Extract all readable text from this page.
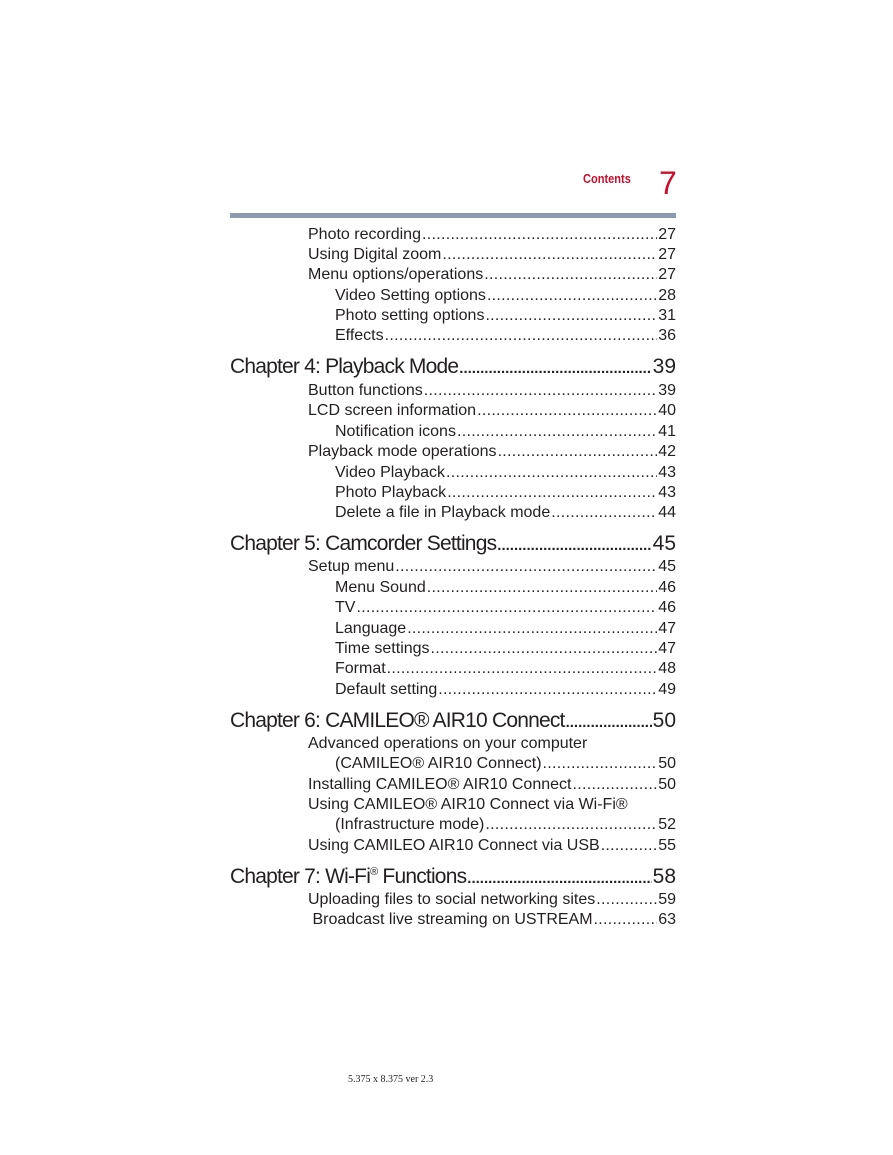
Contents 7
Photo recording .....	27
Using Digital zoom .....	27
Menu options/operations .....	27
Video Setting options .....	28
Photo setting options .....	31
Effects .....	36
Chapter 4: Playback Mode .....	39
Button functions .....	39
LCD screen information .....	40
Notification icons .....	41
Playback mode operations .....	42
Video Playback .....	43
Photo Playback .....	43
Delete a file in Playback mode .....	44
Chapter 5: Camcorder Settings .....	45
Setup menu .....	45
Menu Sound .....	46
TV .....	46
Language .....	47
Time settings .....	47
Format .....	48
Default setting .....	49
Chapter 6: CAMILEO® AIR10 Connect .....	50
Advanced operations on your computer
(CAMILEO® AIR10 Connect) .....	50
Installing CAMILEO® AIR10 Connect .....	50
Using CAMILEO® AIR10 Connect via Wi-Fi®
(Infrastructure mode) .....	52
Using CAMILEO AIR10 Connect via USB .....	55
Chapter 7: Wi-Fi® Functions .....	58
Uploading files to social networking sites .....	59
Broadcast live streaming on USTREAM .....	63
5.375 x 8.375 ver 2.3
